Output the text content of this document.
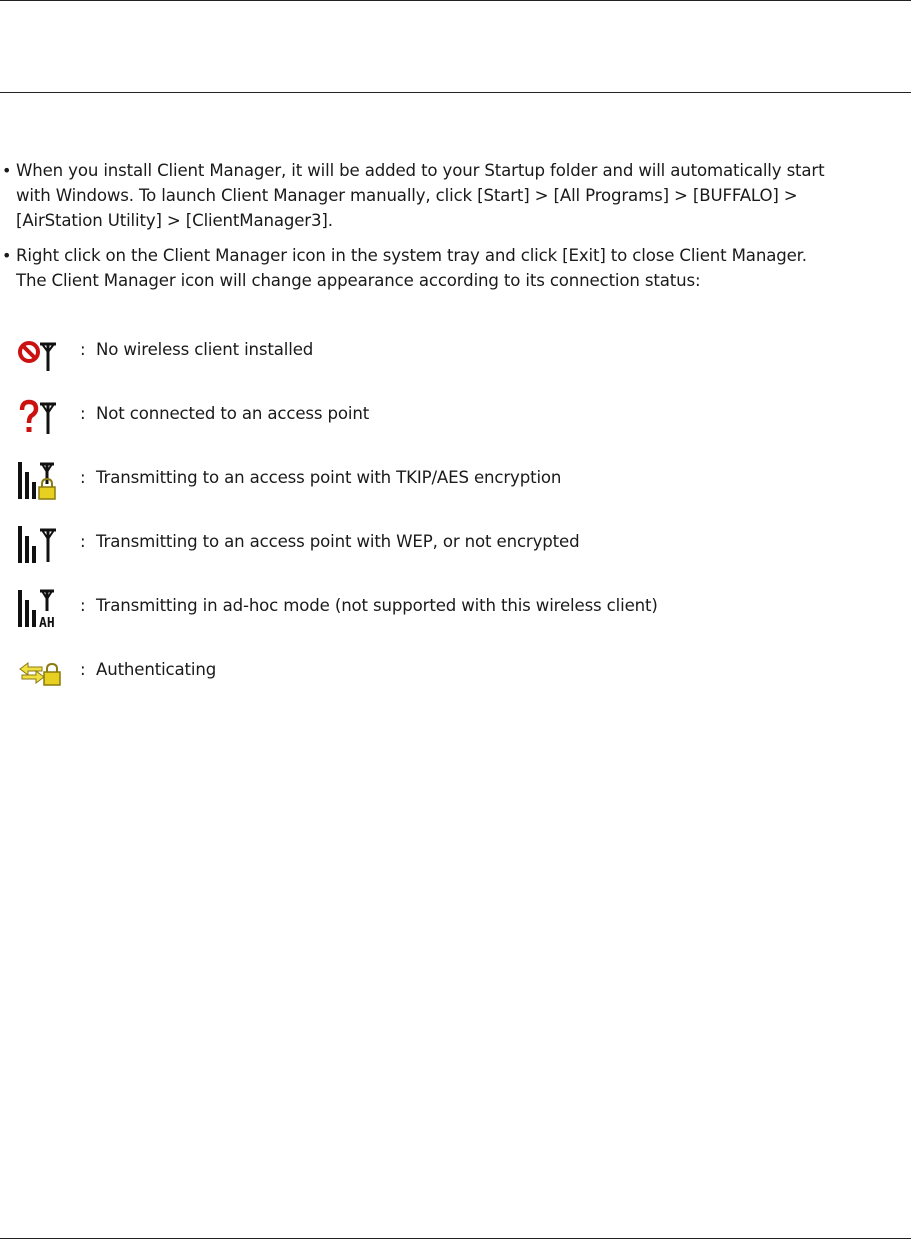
• When you install Client Manager, it will be added to your Startup folder and will automatically start
with Windows. To launch Client Manager manually, click [Start] > [All Programs] > [BUFFALO] >
[AirStation Utility] > [ClientManager3].
• Right click on the Client Manager icon in the system tray and click [Exit] to close Client Manager.
The Client Manager icon will change appearance according to its connection status:
: No wireless client installed
: Not connected to an access point
: Transmitting to an access point with TKIP/AES encryption
: Transmitting to an access point with WEP, or not encrypted
AH
: Transmitting in ad-hoc mode (not supported with this wireless client)
: Authenticating
